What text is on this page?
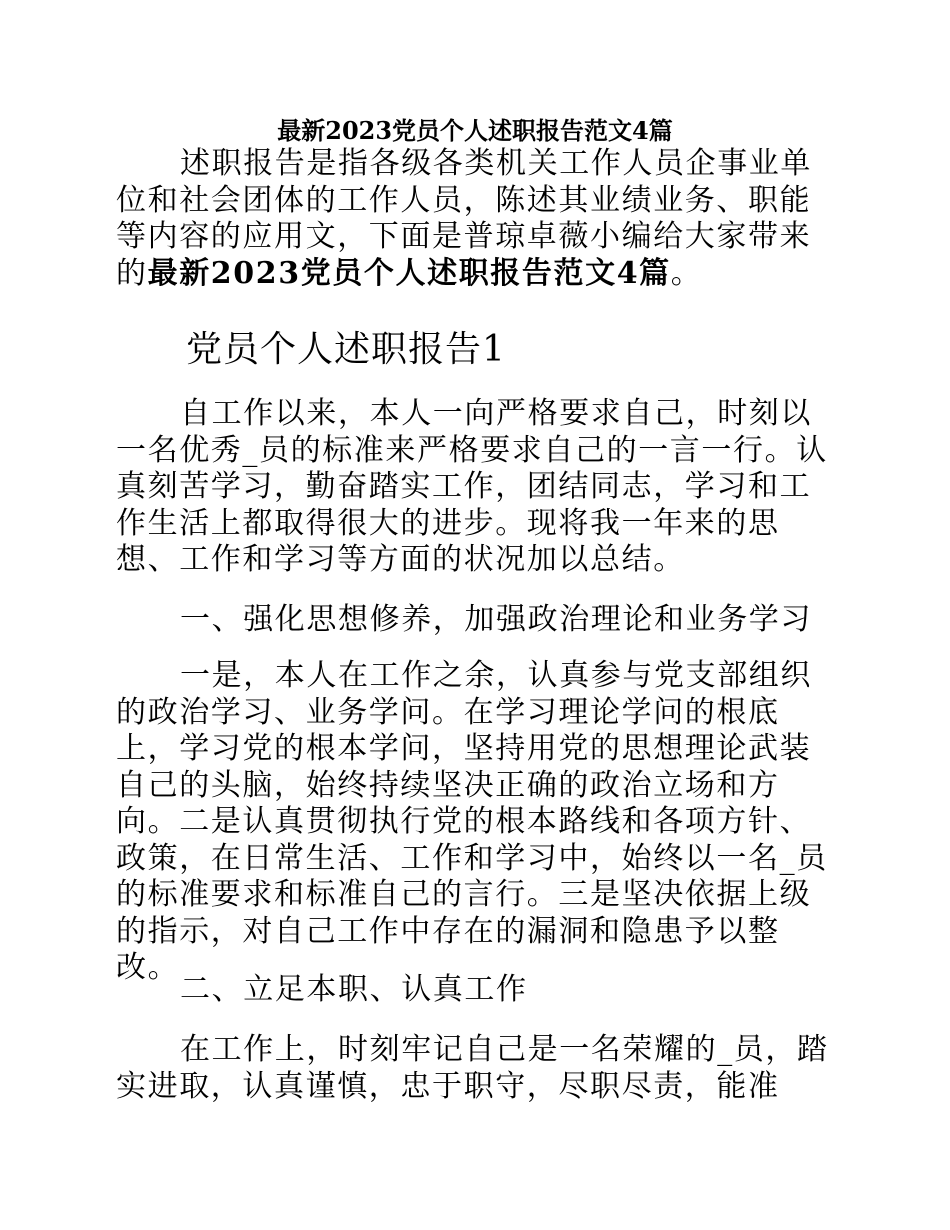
最新2023党员个人述职报告范文4篇

述职报告是指各级各类机关工作人员企事业单位和社会团体的工作人员，陈述其业绩业务、职能等内容的应用文，下面是普琼卓薇小编给大家带来的最新2023党员个人述职报告范文4篇。

党员个人述职报告1

自工作以来，本人一向严格要求自己，时刻以一名优秀_员的标准来严格要求自己的一言一行。认真刻苦学习，勤奋踏实工作，团结同志，学习和工作生活上都取得很大的进步。现将我一年来的思想、工作和学习等方面的状况加以总结。

一、强化思想修养，加强政治理论和业务学习

一是，本人在工作之余，认真参与党支部组织的政治学习、业务学问。在学习理论学问的根底上，学习党的根本学问，坚持用党的思想理论武装自己的头脑，始终持续坚决正确的政治立场和方向。二是认真贯彻执行党的根本路线和各项方针、政策，在日常生活、工作和学习中，始终以一名_员的标准要求和标准自己的言行。三是坚决依据上级的指示，对自己工作中存在的漏洞和隐患予以整改。

二、立足本职、认真工作

在工作上，时刻牢记自己是一名荣耀的_员，踏实进取，认真谨慎，忠于职守，尽职尽责，能准
